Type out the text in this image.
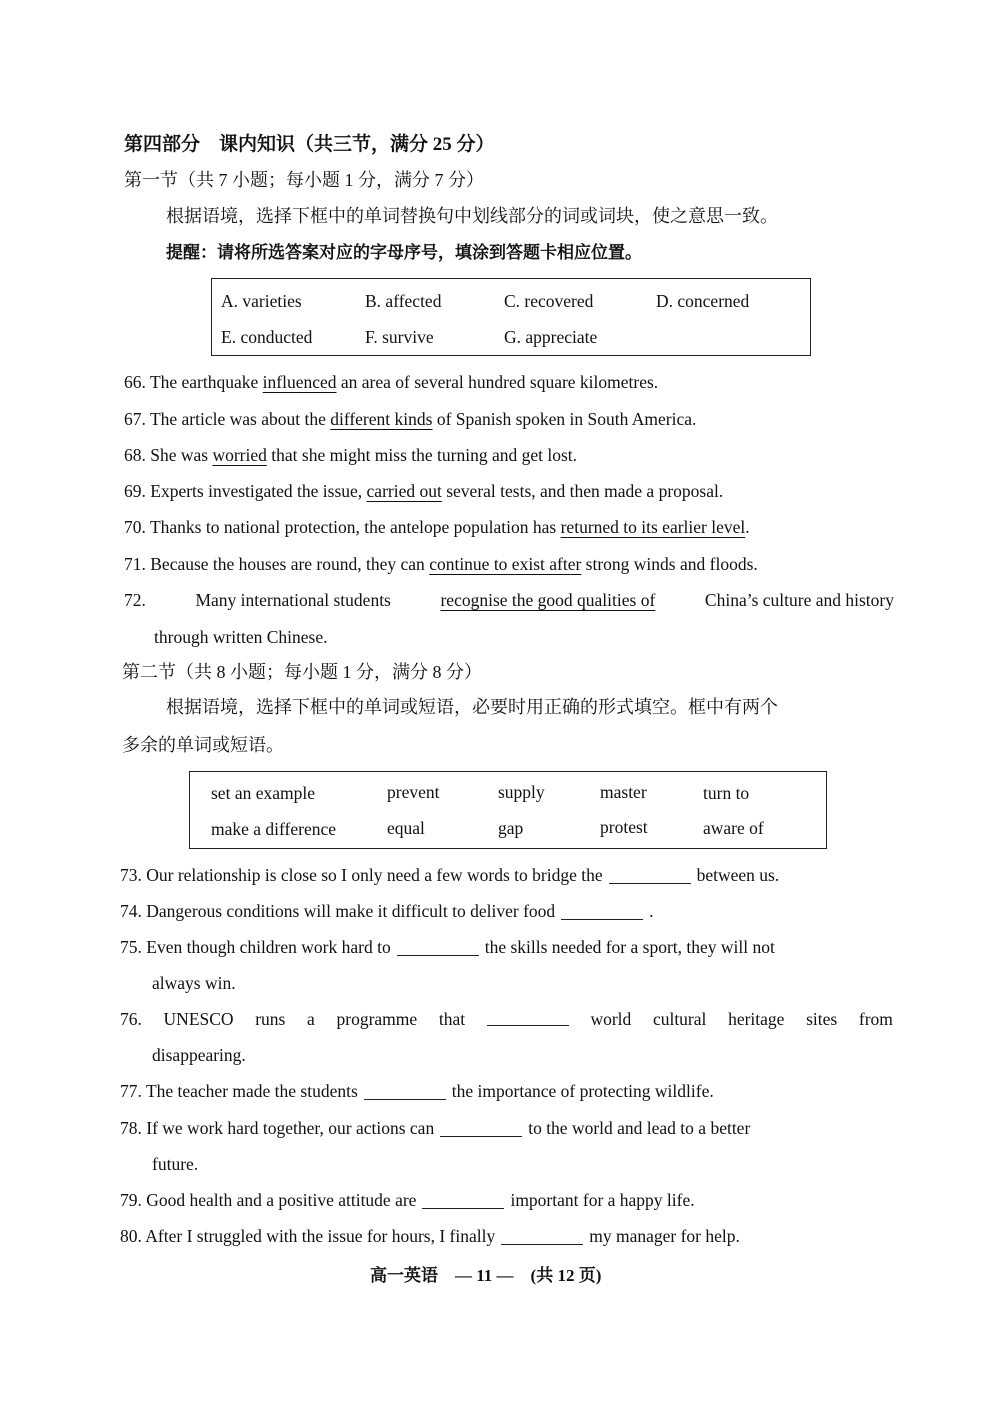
第四部分　课内知识（共三节，满分 25 分）
第一节（共 7 小题；每小题 1 分，满分 7 分）
根据语境，选择下框中的单词替换句中划线部分的词或词块，使之意思一致。
提醒：请将所选答案对应的字母序号，填涂到答题卡相应位置。
A. varieties	B. affected	C. recovered	D. concerned
E. conducted	F. survive	G. appreciate
66. The earthquake influenced an area of several hundred square kilometres.
67. The article was about the different kinds of Spanish spoken in South America.
68. She was worried that she might miss the turning and get lost.
69. Experts investigated the issue, carried out several tests, and then made a proposal.
70. Thanks to national protection, the antelope population has returned to its earlier level.
71. Because the houses are round, they can continue to exist after strong winds and floods.
72.	Many international students	recognise the good qualities of	China’s culture and history
through written Chinese.
第二节（共 8 小题；每小题 1 分，满分 8 分）
根据语境，选择下框中的单词或短语，必要时用正确的形式填空。框中有两个
多余的单词或短语。
set an example	prevent	supply	master	turn to
make a difference	equal	gap	protest	aware of
73. Our relationship is close so I only need a few words to bridge the	between us.
74. Dangerous conditions will make it difficult to deliver food	.
75. Even though children work hard to	the skills needed for a sport, they will not
always win.
76. UNESCO runs a programme that	world cultural heritage sites from
disappearing.
77. The teacher made the students	the importance of protecting wildlife.
78. If we work hard together, our actions can	to the world and lead to a better
future.
79. Good health and a positive attitude are	important for a happy life.
80. After I struggled with the issue for hours, I finally	my manager for help.
高一英语　— 11 —　(共 12 页)
